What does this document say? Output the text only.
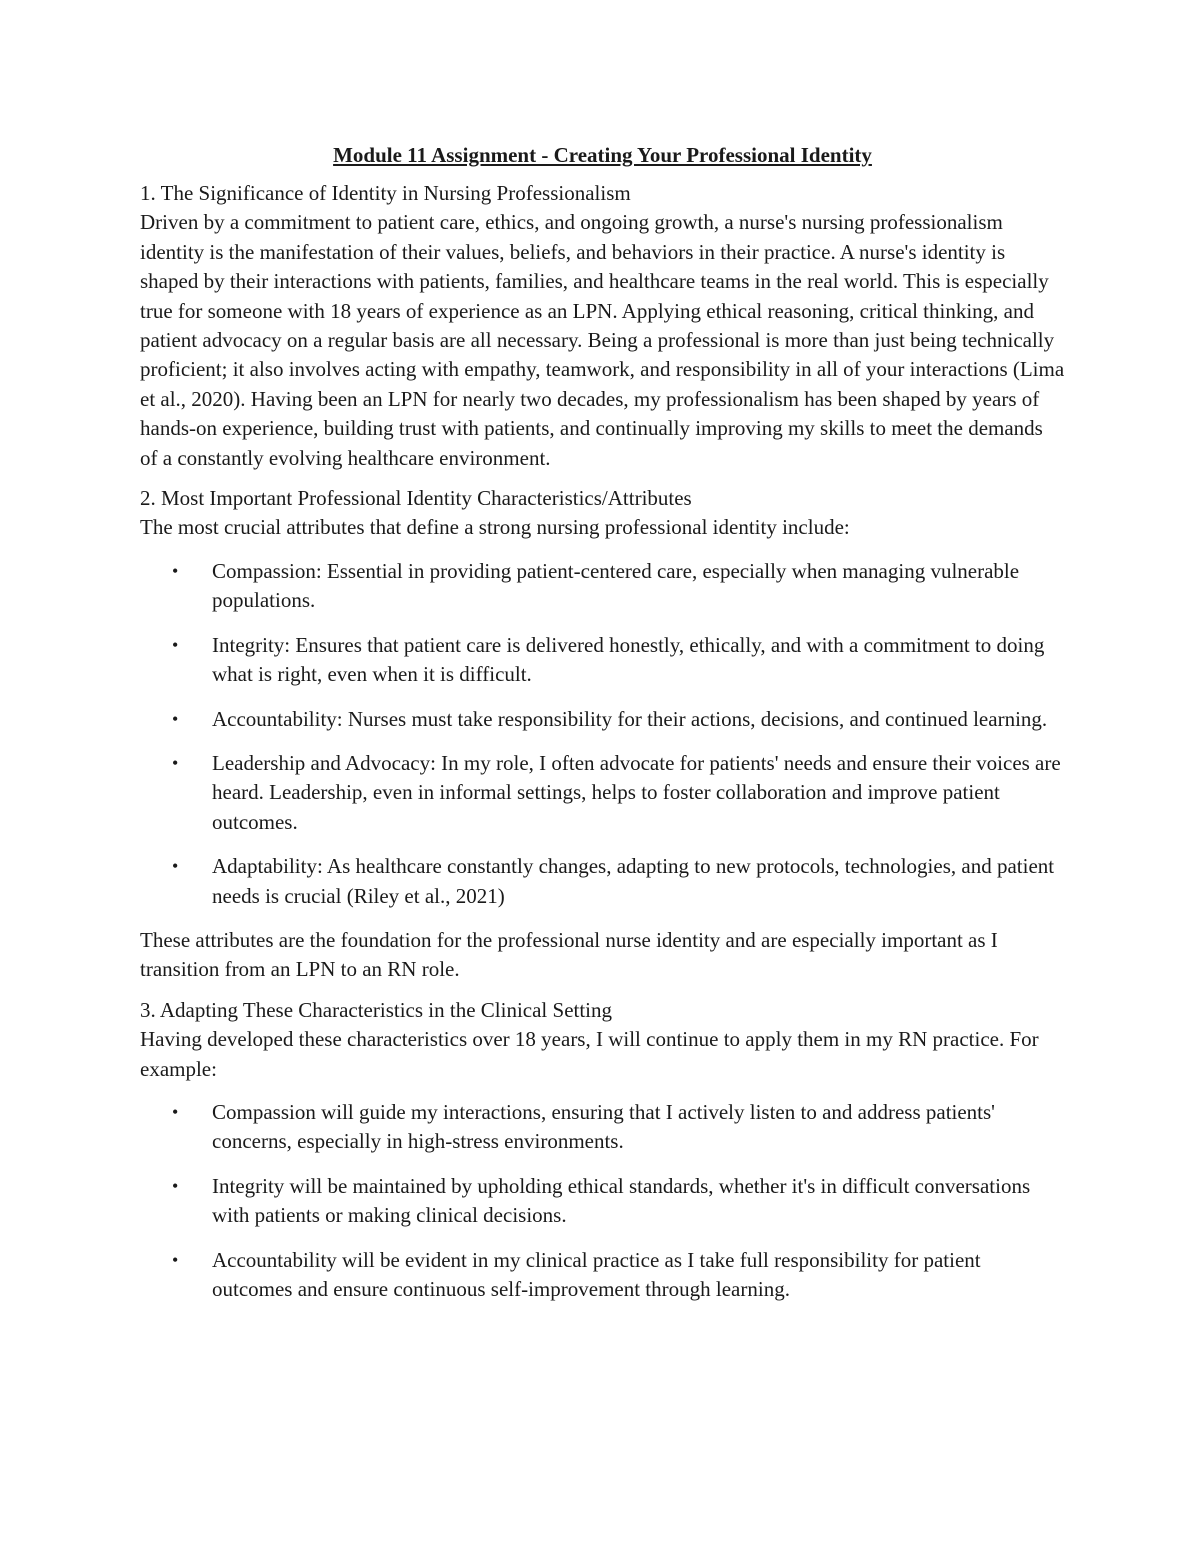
Module 11 Assignment - Creating Your Professional Identity

1. The Significance of Identity in Nursing Professionalism

Driven by a commitment to patient care, ethics, and ongoing growth, a nurse's nursing professionalism identity is the manifestation of their values, beliefs, and behaviors in their practice. A nurse's identity is shaped by their interactions with patients, families, and healthcare teams in the real world. This is especially true for someone with 18 years of experience as an LPN. Applying ethical reasoning, critical thinking, and patient advocacy on a regular basis are all necessary. Being a professional is more than just being technically proficient; it also involves acting with empathy, teamwork, and responsibility in all of your interactions (Lima et al., 2020). Having been an LPN for nearly two decades, my professionalism has been shaped by years of hands-on experience, building trust with patients, and continually improving my skills to meet the demands of a constantly evolving healthcare environment.

2. Most Important Professional Identity Characteristics/Attributes

The most crucial attributes that define a strong nursing professional identity include:

• Compassion: Essential in providing patient-centered care, especially when managing vulnerable populations.
• Integrity: Ensures that patient care is delivered honestly, ethically, and with a commitment to doing what is right, even when it is difficult.
• Accountability: Nurses must take responsibility for their actions, decisions, and continued learning.
• Leadership and Advocacy: In my role, I often advocate for patients' needs and ensure their voices are heard. Leadership, even in informal settings, helps to foster collaboration and improve patient outcomes.
• Adaptability: As healthcare constantly changes, adapting to new protocols, technologies, and patient needs is crucial (Riley et al., 2021)

These attributes are the foundation for the professional nurse identity and are especially important as I transition from an LPN to an RN role.

3. Adapting These Characteristics in the Clinical Setting

Having developed these characteristics over 18 years, I will continue to apply them in my RN practice. For example:

• Compassion will guide my interactions, ensuring that I actively listen to and address patients' concerns, especially in high-stress environments.
• Integrity will be maintained by upholding ethical standards, whether it's in difficult conversations with patients or making clinical decisions.
• Accountability will be evident in my clinical practice as I take full responsibility for patient outcomes and ensure continuous self-improvement through learning.
